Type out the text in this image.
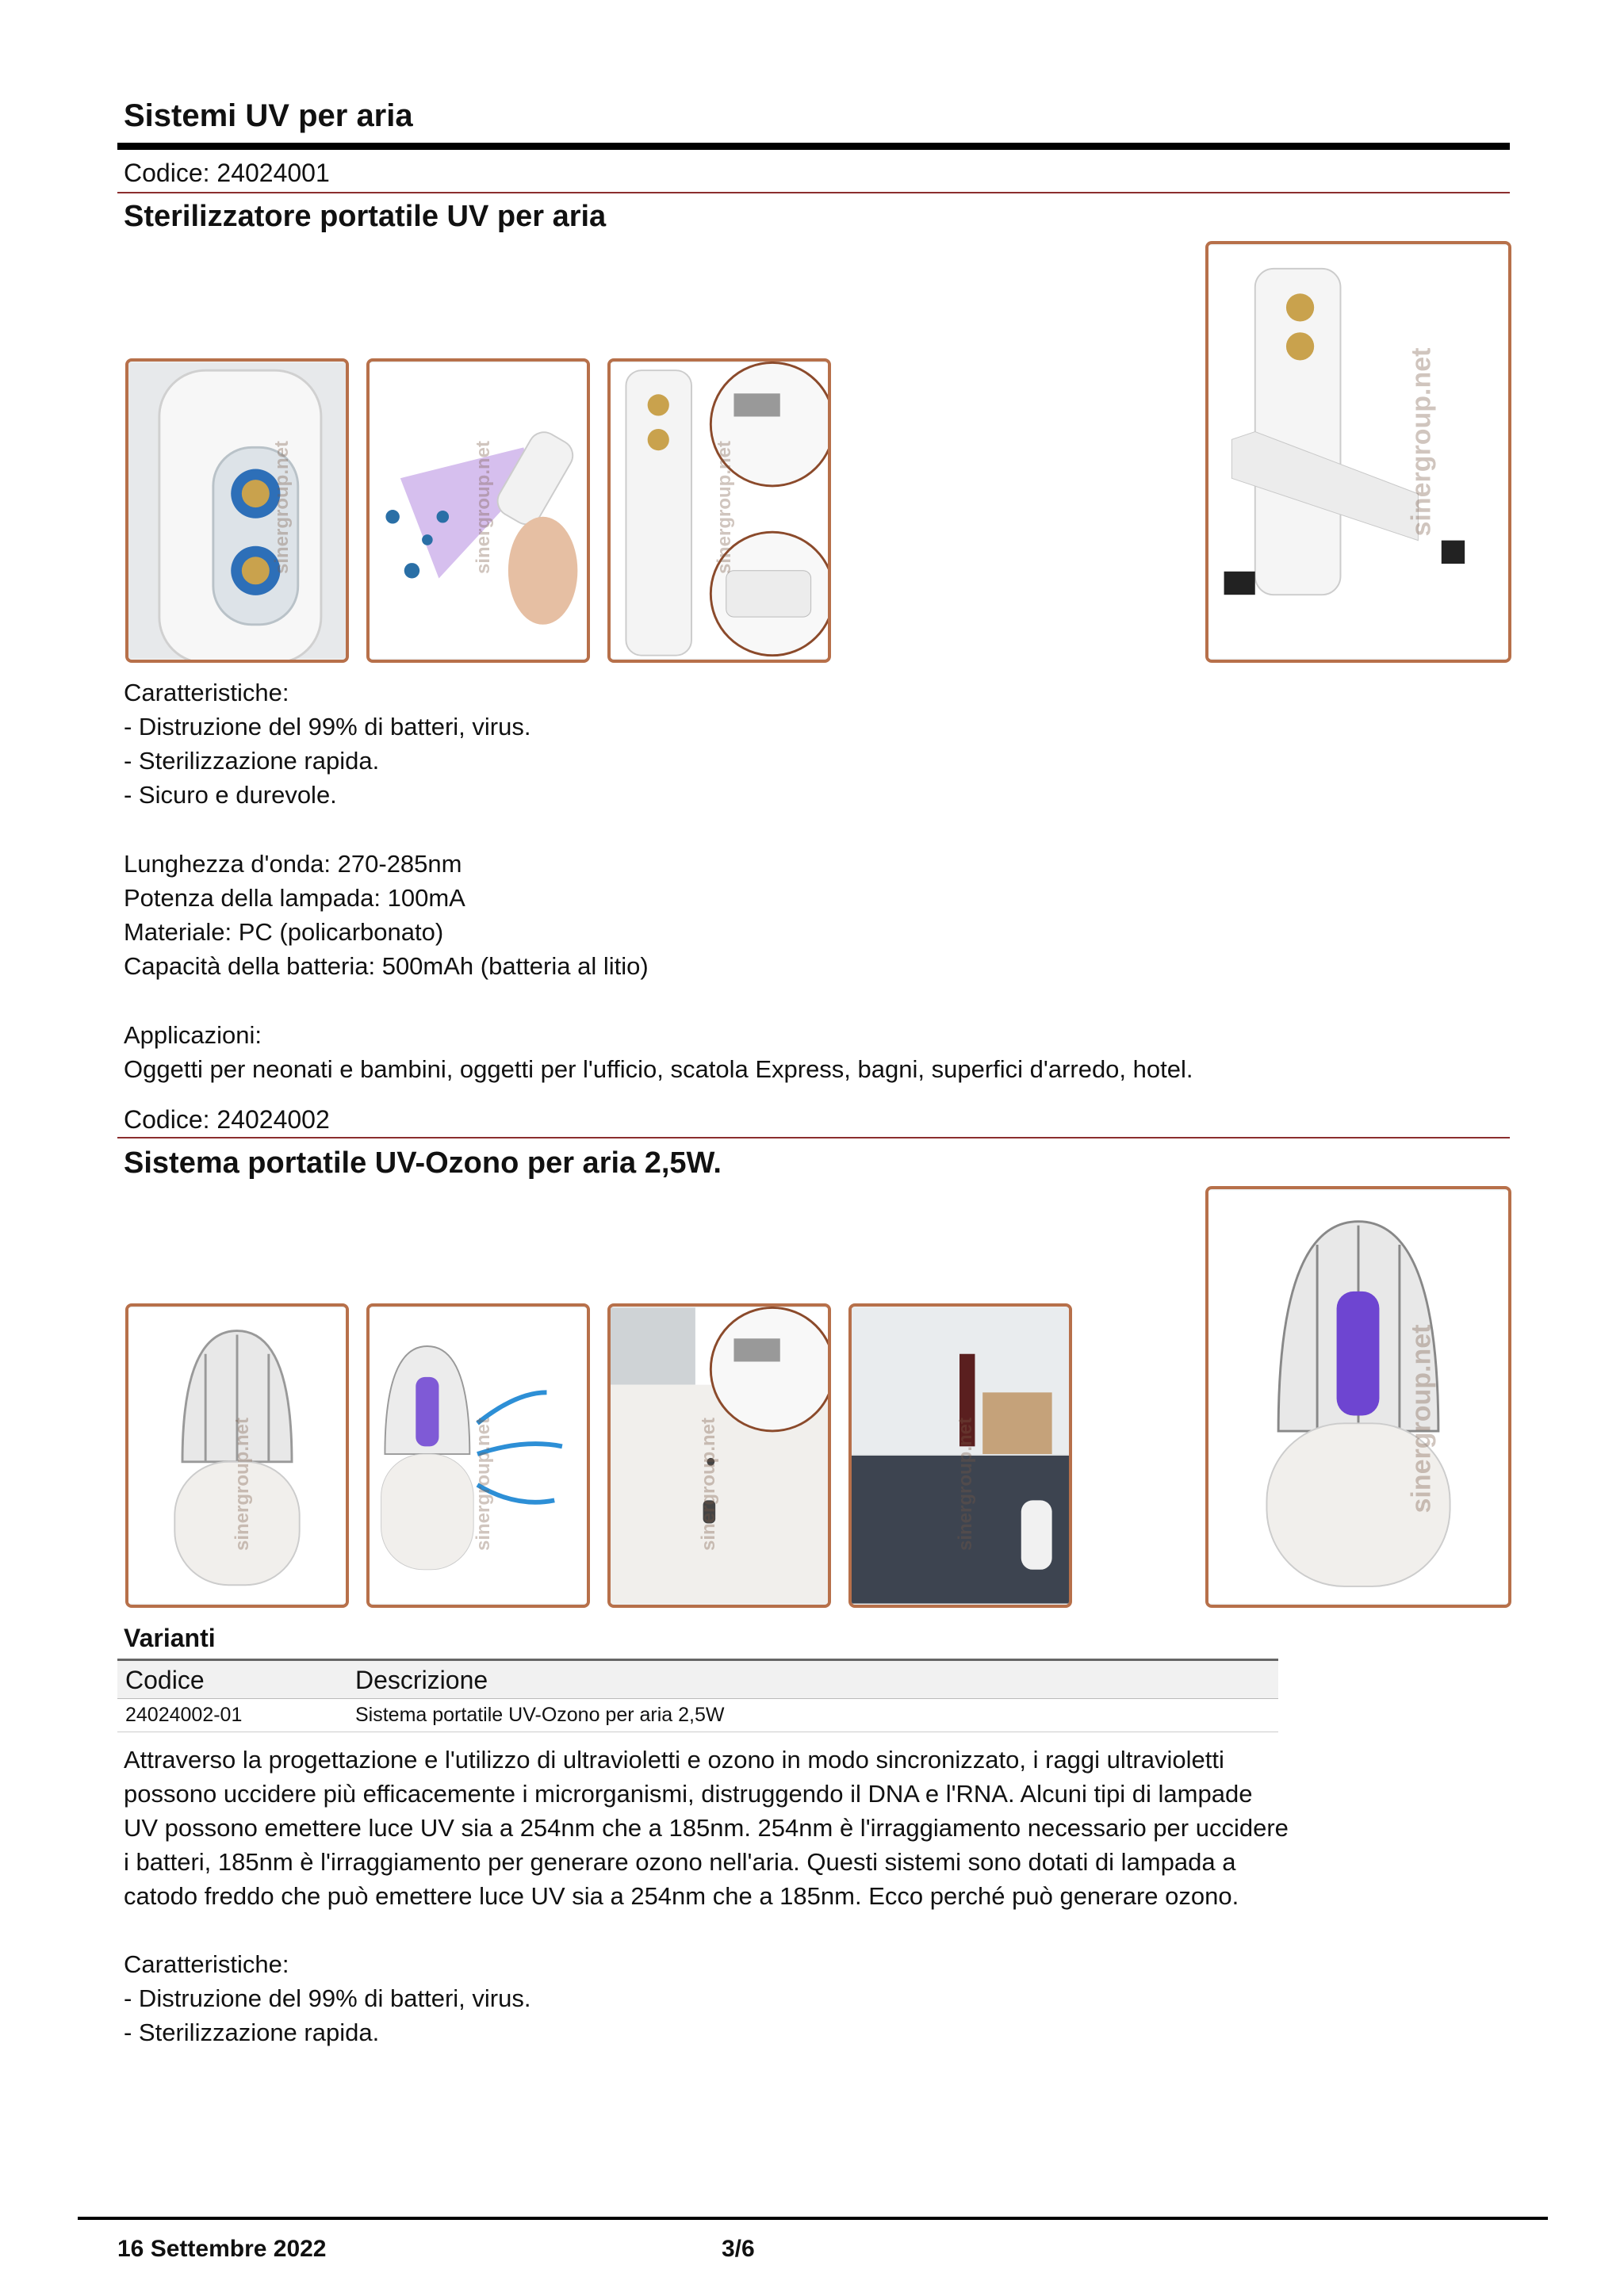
Sistemi UV per aria
Codice: 24024001
Sterilizzatore portatile UV per aria
sinergroup.net	sinergroup.net	sinergroup.net	sinergroup.net
Caratteristiche:
- Distruzione del 99% di batteri, virus.
- Sterilizzazione rapida.
- Sicuro e durevole.
Lunghezza d'onda: 270-285nm
Potenza della lampada: 100mA
Materiale: PC (policarbonato)
Capacità della batteria: 500mAh (batteria al litio)
Applicazioni:
Oggetti per neonati e bambini, oggetti per l'ufficio, scatola Express, bagni, superfici d'arredo, hotel.
Codice: 24024002
Sistema portatile UV-Ozono per aria 2,5W.
sinergroup.net	sinergroup.net	sinergroup.net	sinergroup.net	sinergroup.net
Varianti
Codice	Descrizione
24024002-01	Sistema portatile UV-Ozono per aria 2,5W
Attraverso la progettazione e l'utilizzo di ultravioletti e ozono in modo sincronizzato, i raggi ultravioletti
possono uccidere più efficacemente i microrganismi, distruggendo il DNA e l'RNA. Alcuni tipi di lampade
UV possono emettere luce UV sia a 254nm che a 185nm. 254nm è l'irraggiamento necessario per uccidere
i batteri, 185nm è l'irraggiamento per generare ozono nell'aria. Questi sistemi sono dotati di lampada a
catodo freddo che può emettere luce UV sia a 254nm che a 185nm. Ecco perché può generare ozono.
Caratteristiche:
- Distruzione del 99% di batteri, virus.
- Sterilizzazione rapida.
16 Settembre 2022	3/6
